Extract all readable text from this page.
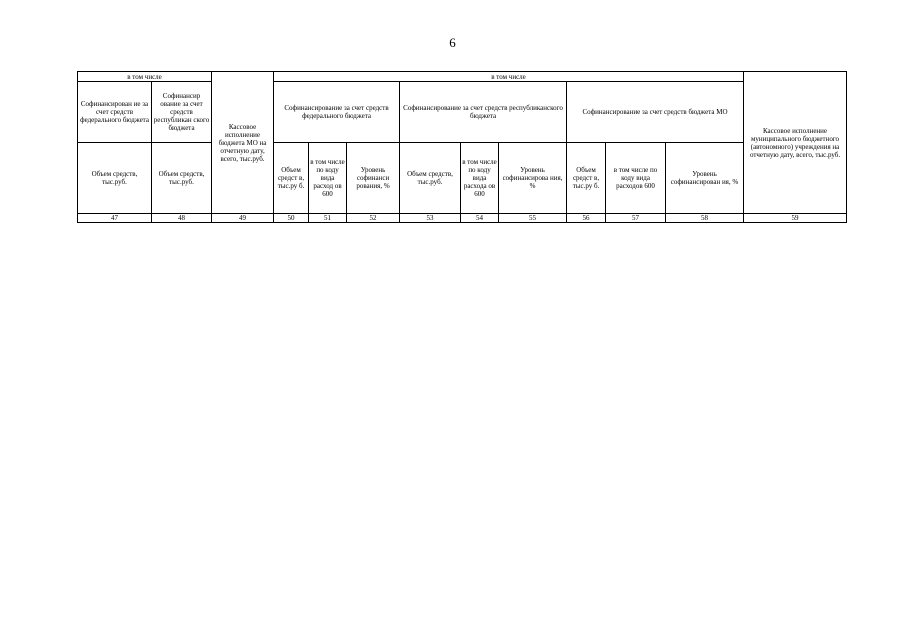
6
в том числе		Кассовое исполнение бюджета МО на отчетную дату, всего, тыс.руб.	в том числе									Кассовое исполнение муниципального бюджетного (автономного) учреждения на отчетную дату, всего, тыс.руб.
Софинансирован ие за счет средств федерального бюджета	Софинансир ование за счет средств республикан ского бюджета		Софинансирование за счет средств федерального бюджета			Софинансирование за счет средств республиканского бюджета			Софинансирование за счет средств бюджета МО			
Объем средств, тыс.руб.	Объем средств, тыс.руб.		Объем средст в, тыс.ру б.	в том числе по коду вида расход ов 600	Уровень софинанси рования, %	Объем средств, тыс.руб.	в том числе по коду вида расхода ов 600	Уровень софинансирова ния, %	Объем средст в, тыс.ру б.	в том числе по коду вида расходов 600	Уровень софинансирован ия, %	
47	48	49	50	51	52	53	54	55	56	57	58	59
